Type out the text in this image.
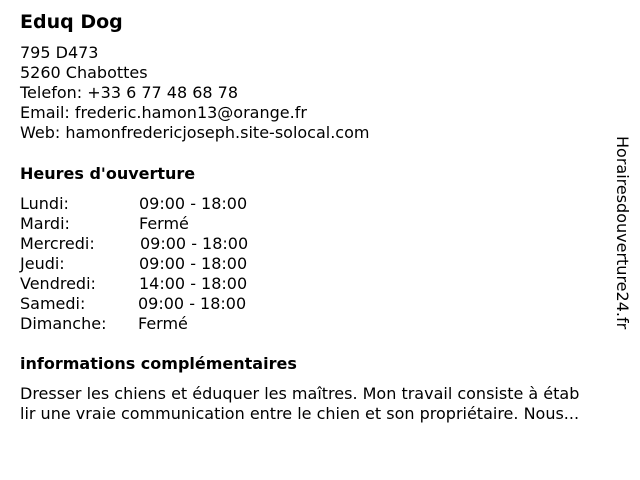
Eduq Dog
795 D473
5260 Chabottes
Telefon: +33 6 77 48 68 78
Email: frederic.hamon13@orange.fr
Web: hamonfredericjoseph.site-solocal.com
Heures d'ouverture
Lundi:	09:00 - 18:00
Mardi:	Fermé
Mercredi:	09:00 - 18:00
Jeudi:	09:00 - 18:00
Vendredi:	14:00 - 18:00
Samedi:	09:00 - 18:00
Dimanche: Fermé
informations complémentaires
Dresser les chiens et éduquer les maîtres. Mon travail consiste à étab
lir une vraie communication entre le chien et son propriétaire. Nous...
Horairesdouverture24.fr
